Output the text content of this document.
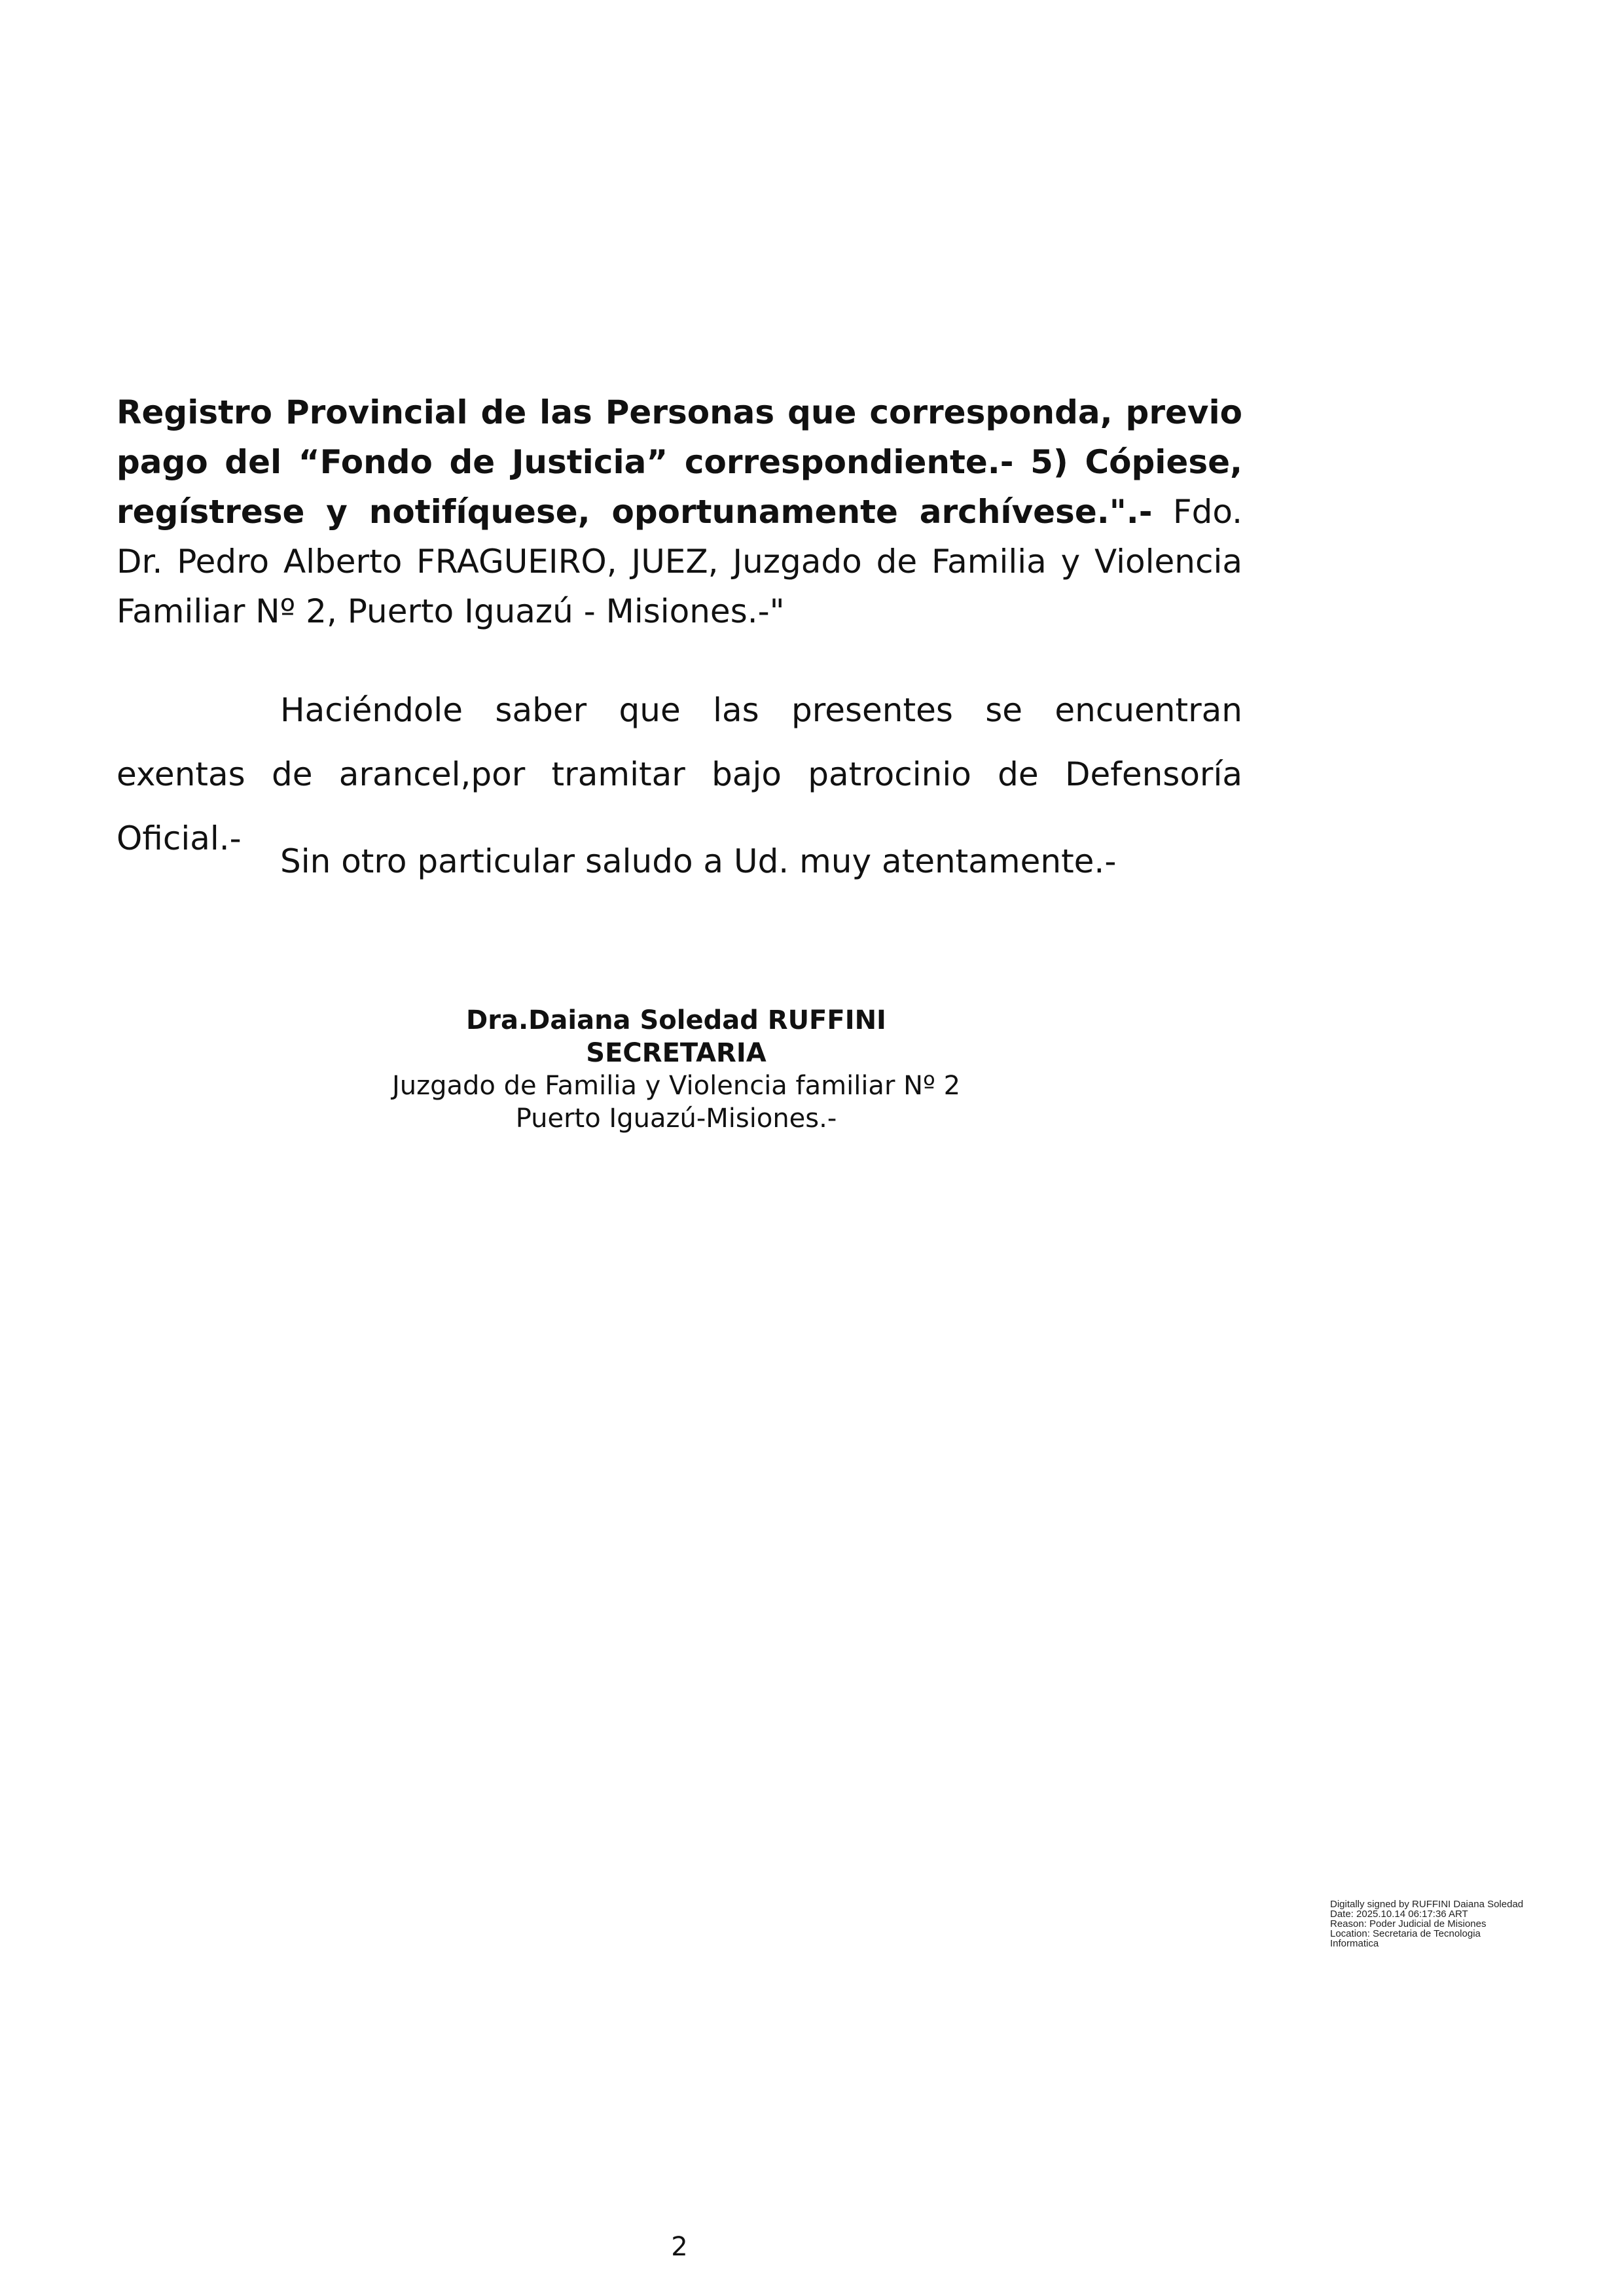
Registro Provincial de las Personas que corresponda, previo pago del “Fondo de Justicia” correspondiente.- 5) Cópiese, regístrese y notifíquese, oportunamente archívese.".- Fdo. Dr. Pedro Alberto FRAGUEIRO, JUEZ, Juzgado de Familia y Violencia Familiar Nº 2, Puerto Iguazú - Misiones.-"

Haciéndole saber que las presentes se encuentran exentas de arancel,por tramitar bajo patrocinio de Defensoría Oficial.-

Sin otro particular saludo a Ud. muy atentamente.-

Dra.Daiana Soledad RUFFINI
SECRETARIA
Juzgado de Familia y Violencia familiar Nº 2
Puerto Iguazú-Misiones.-
Digitally signed by RUFFINI Daiana Soledad
Date: 2025.10.14 06:17:36 ART
Reason: Poder Judicial de Misiones
Location: Secretaria de Tecnologia Informatica
2
